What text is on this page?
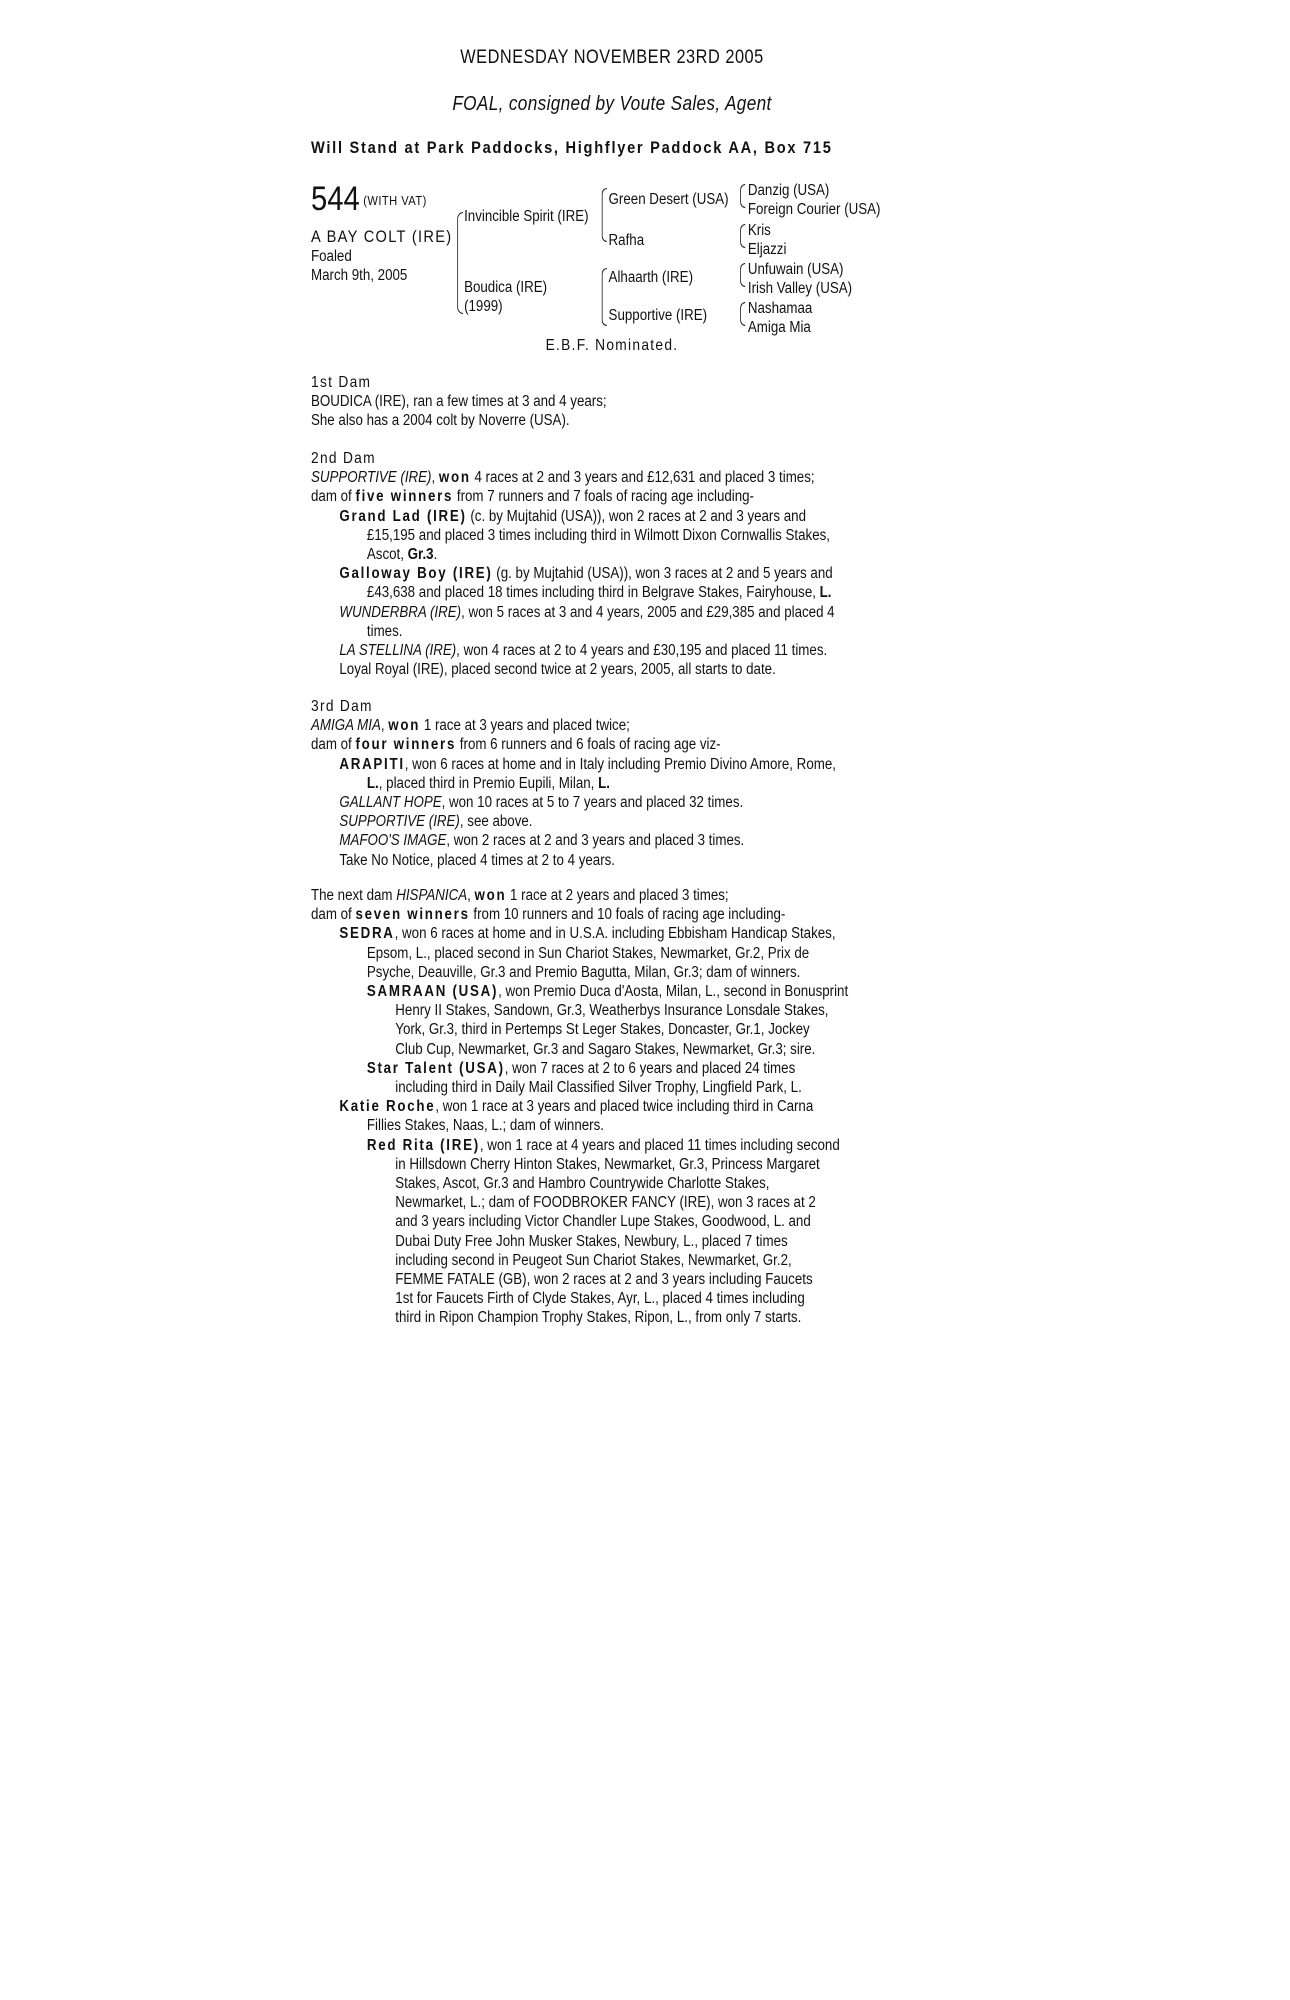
WEDNESDAY NOVEMBER 23RD 2005
FOAL, consigned by Voute Sales, Agent
Will Stand at Park Paddocks, Highflyer Paddock AA, Box 715
544 (WITH VAT)
A BAY COLT (IRE)
Foaled
March 9th, 2005
Invincible Spirit (IRE)
Boudica (IRE)
(1999)
Green Desert (USA)
Rafha
Alhaarth (IRE)
Supportive (IRE)
Danzig (USA)
Foreign Courier (USA)
Kris
Eljazzi
Unfuwain (USA)
Irish Valley (USA)
Nashamaa
Amiga Mia
E.B.F. Nominated.
1st Dam
BOUDICA (IRE), ran a few times at 3 and 4 years;
She also has a 2004 colt by Noverre (USA).
2nd Dam
SUPPORTIVE (IRE), won 4 races at 2 and 3 years and £12,631 and placed 3 times;
dam of five winners from 7 runners and 7 foals of racing age including-
Grand Lad (IRE) (c. by Mujtahid (USA)), won 2 races at 2 and 3 years and
£15,195 and placed 3 times including third in Wilmott Dixon Cornwallis Stakes,
Ascot, Gr.3.
Galloway Boy (IRE) (g. by Mujtahid (USA)), won 3 races at 2 and 5 years and
£43,638 and placed 18 times including third in Belgrave Stakes, Fairyhouse, L.
WUNDERBRA (IRE), won 5 races at 3 and 4 years, 2005 and £29,385 and placed 4
times.
LA STELLINA (IRE), won 4 races at 2 to 4 years and £30,195 and placed 11 times.
Loyal Royal (IRE), placed second twice at 2 years, 2005, all starts to date.
3rd Dam
AMIGA MIA, won 1 race at 3 years and placed twice;
dam of four winners from 6 runners and 6 foals of racing age viz-
ARAPITI, won 6 races at home and in Italy including Premio Divino Amore, Rome,
L., placed third in Premio Eupili, Milan, L.
GALLANT HOPE, won 10 races at 5 to 7 years and placed 32 times.
SUPPORTIVE (IRE), see above.
MAFOO'S IMAGE, won 2 races at 2 and 3 years and placed 3 times.
Take No Notice, placed 4 times at 2 to 4 years.
The next dam HISPANICA, won 1 race at 2 years and placed 3 times;
dam of seven winners from 10 runners and 10 foals of racing age including-
SEDRA, won 6 races at home and in U.S.A. including Ebbisham Handicap Stakes,
Epsom, L., placed second in Sun Chariot Stakes, Newmarket, Gr.2, Prix de
Psyche, Deauville, Gr.3 and Premio Bagutta, Milan, Gr.3; dam of winners.
SAMRAAN (USA), won Premio Duca d'Aosta, Milan, L., second in Bonusprint
Henry II Stakes, Sandown, Gr.3, Weatherbys Insurance Lonsdale Stakes,
York, Gr.3, third in Pertemps St Leger Stakes, Doncaster, Gr.1, Jockey
Club Cup, Newmarket, Gr.3 and Sagaro Stakes, Newmarket, Gr.3; sire.
Star Talent (USA), won 7 races at 2 to 6 years and placed 24 times
including third in Daily Mail Classified Silver Trophy, Lingfield Park, L.
Katie Roche, won 1 race at 3 years and placed twice including third in Carna
Fillies Stakes, Naas, L.; dam of winners.
Red Rita (IRE), won 1 race at 4 years and placed 11 times including second
in Hillsdown Cherry Hinton Stakes, Newmarket, Gr.3, Princess Margaret
Stakes, Ascot, Gr.3 and Hambro Countrywide Charlotte Stakes,
Newmarket, L.; dam of FOODBROKER FANCY (IRE), won 3 races at 2
and 3 years including Victor Chandler Lupe Stakes, Goodwood, L. and
Dubai Duty Free John Musker Stakes, Newbury, L., placed 7 times
including second in Peugeot Sun Chariot Stakes, Newmarket, Gr.2,
FEMME FATALE (GB), won 2 races at 2 and 3 years including Faucets
1st for Faucets Firth of Clyde Stakes, Ayr, L., placed 4 times including
third in Ripon Champion Trophy Stakes, Ripon, L., from only 7 starts.
